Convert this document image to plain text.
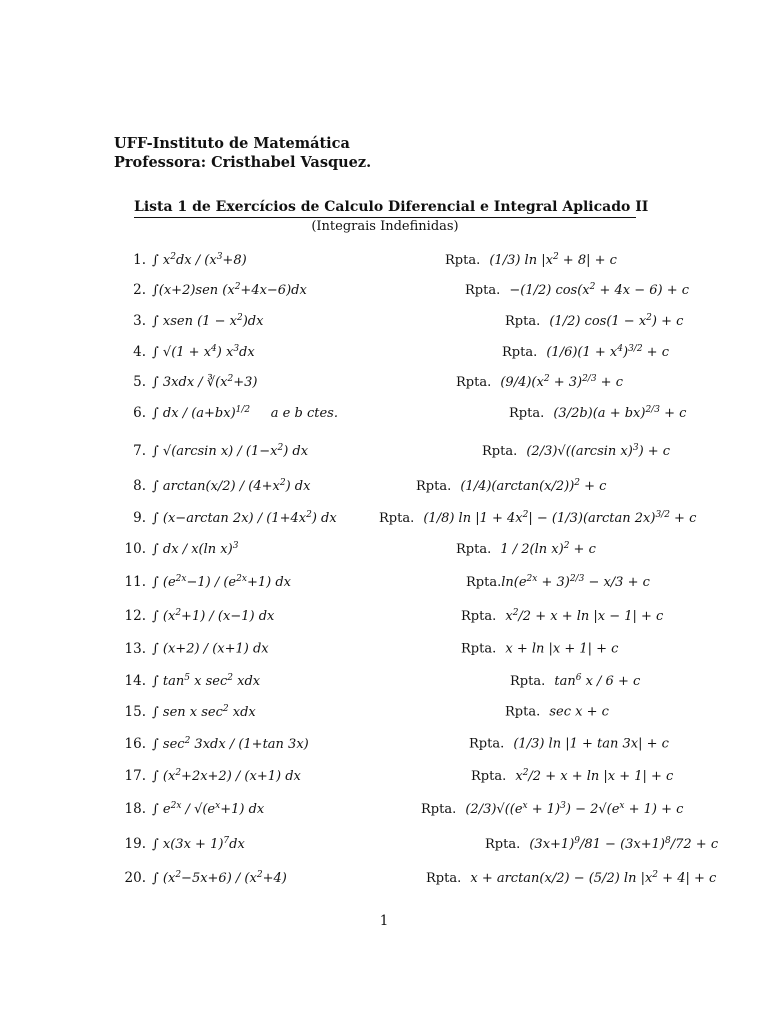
UFF-Instituto de Matemática
Professora: Cristhabel Vasquez.
Lista 1 de Exercícios de Calculo Diferencial e Integral Aplicado II
(Integrais Indefinidas)
1. ∫ $x^2dx / (x^3+8)$	Rpta. (1/3) $\ln |x^2 + 8| + c$
2. ∫(x+2)sen $(x^2+4x-6)dx$	Rpta. −(1/2) $\cos(x^2 + 4x - 6) + c$
3. ∫ xsen $(1 - x^2)dx$	Rpta. (1/2) $\cos(1 - x^2) + c$
4. ∫ $√(1 + x^4)$ $x^3dx$	Rpta. $(1/6)(1 + x^4)^{3/2} + c$
5. ∫ $3xdx / ∛(x^2+3)$	Rpta. $(9/4)(x^2 + 3)^{2/3} + c$
6. ∫ dx / $(a+bx)^{1/2}$     a e b ctes.	Rpta. (3/2b)(a + bx)$^{2/3}$ + c
7. ∫ √(arcsin $x) / (1-x^2)$ dx	Rpta. (2/3)√((arcsin x)$^3$) + c
8. ∫ $\arctan(x/2) / (4+x^2)$ dx	Rpta. $(1/4)(\arctan(x/2))^2 + c$
9. ∫ (x−arctan $2x) / (1+4x^2)$ dx	Rpta. (1/8) $\ln |1 + 4x^2| - (1/3)(\arctan$ 2x)$^{3/2}$ + c
10. ∫ dx / x(ln x)$^3$	Rpta. 1 / 2(ln x)$^2$ + c
11. ∫ $(e^{2x}-1) / (e^{2x}+1)$ dx	$Rpta.\ln(e^{2x} + 3)^{2/3} - x/3 + c$
12. ∫ $(x^2+1) / (x-1)$ dx	Rpta. $x^2/2 + x + \ln |x - 1| + c$
13. ∫ (x+2) / (x+1) dx	Rpta. x + ln |x + 1| + c
14. ∫ $\tan^5 x$ $\sec^2$ xdx	Rpta. $\tan^6 x / 6 + c$
15. ∫ sen x $\sec^2$ xdx	Rpta. sec x + c
16. ∫ $\sec^2 3xdx / (1+\tan$ 3x)	Rpta. (1/3) ln |1 + tan 3x| + c
17. ∫ $(x^2+2x+2) / (x+1)$ dx	Rpta. $x^2/2 + x + \ln |x + 1| + c$
18. ∫ $e^{2x} / √(e^x+1)$ dx	Rpta. $(2/3)√((e^x + 1)^3) - 2√(e^x + 1) + c$
19. ∫ $x(3x + 1)^7dx$	Rpta. $(3x+1)^9/81 - (3x+1)^8/72 + c$
20. ∫ $(x^2-5x+6) / (x^2+4)$	Rpta. x + arctan(x/2) − (5/2) $\ln |x^2 + 4| + c$
1
